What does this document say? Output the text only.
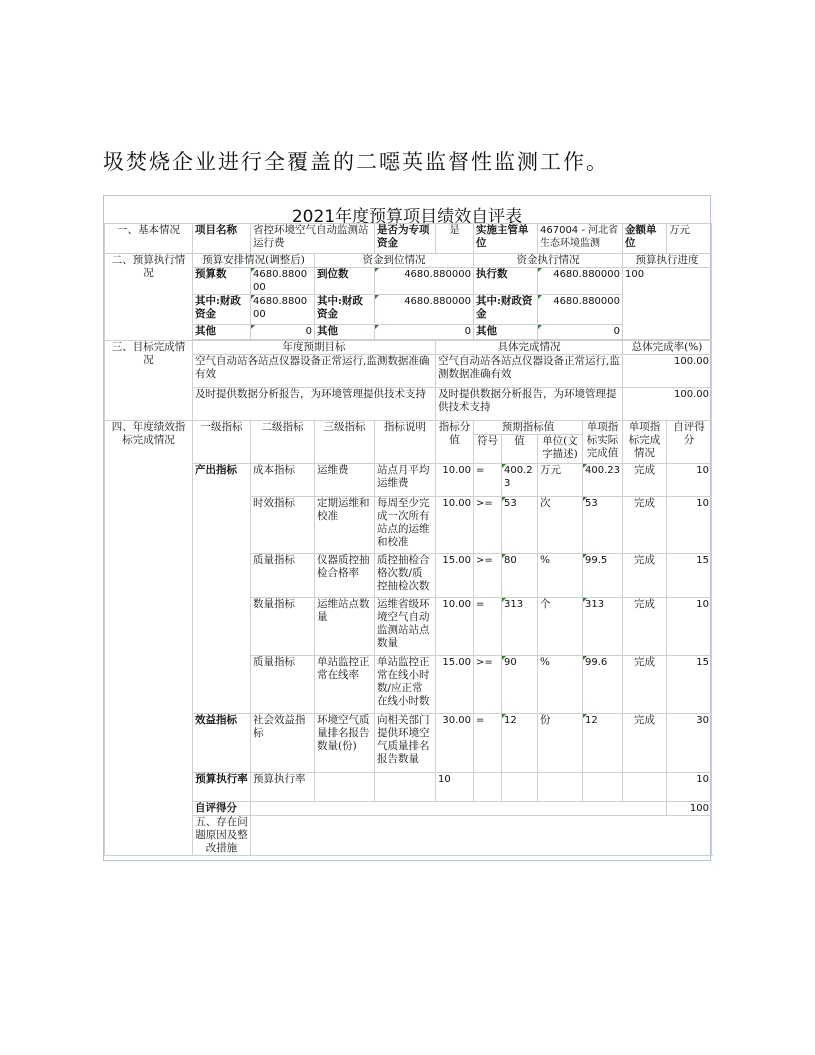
圾焚烧企业进行全覆盖的二噁英监督性监测工作。
2021年度预算项目绩效自评表
一、基本情况	项目名称	省控环境空气自动监测站运行费		是否为专项资金	是	实施主管单位		467004 - 河北省生态环境监测		金额单位	万元
二、预算执行情况	预算安排情况(调整后)		资金到位情况			资金执行情况				预算执行进度	
	预算数	4680.880000	到位数	4680.880000		执行数		4680.880000		100	
	其中:财政资金	4680.880000	其中:财政资金	4680.880000		其中:财政资金		4680.880000			
	其他	0	其他	0		其他		0			

三、目标完成情况	年度预期目标				具体完成情况					总体完成率(%)	
	空气自动站各站点仪器设备正常运行,监测数据准确有效				空气自动站各站点仪器设备正常运行,监测数据准确有效					100.00	
	及时提供数据分析报告，为环境管理提供技术支持				及时提供数据分析报告，为环境管理提供技术支持					100.00	
四、年度绩效指标完成情况	一级指标	二级指标	三级指标	指标说明	指标分值	预期指标值			单项指标实际完成值	单项指标完成情况	自评得分
						符号	值	单位(文字描述)			
	产出指标	成本指标	运维费	站点月平均运维费	10.00	=	400.23	万元	400.23	完成	10
		时效指标	定期运维和校准	每周至少完成一次所有站点的运维和校准	10.00	>=	53	次	53	完成	10
		质量指标	仪器质控抽检合格率	质控抽检合格次数/质控抽检次数	15.00	>=	80	%	99.5	完成	15
		数量指标	运维站点数量	运维省级环境空气自动监测站站点数量	10.00	=	313	个	313	完成	10
		质量指标	单站监控正常在线率	单站监控正常在线小时数/应正常在线小时数	15.00	>=	90	%	99.6	完成	15
	效益指标	社会效益指标	环境空气质量排名报告数量(份)	向相关部门提供环境空气质量排名报告数量	30.00	=	12	份	12	完成	30
	预算执行率	预算执行率			10						10
	自评得分										100
	五、存在问题原因及整改措施										
